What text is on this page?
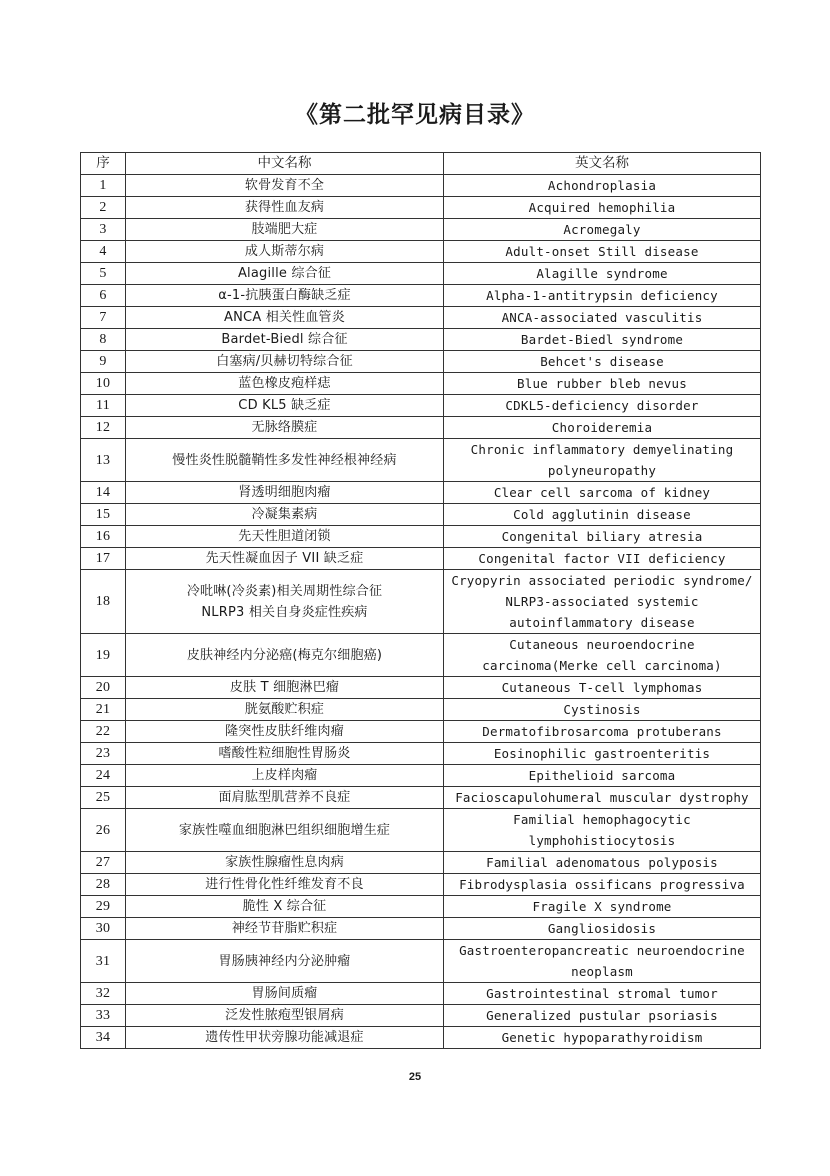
《第二批罕见病目录》
序	中文名称	英文名称
1	软骨发育不全	Achondroplasia
2	获得性血友病	Acquired hemophilia
3	肢端肥大症	Acromegaly
4	成人斯蒂尔病	Adult-onset Still disease
5	Alagille 综合征	Alagille syndrome
6	α-1-抗胰蛋白酶缺乏症	Alpha-1-antitrypsin deficiency
7	ANCA 相关性血管炎	ANCA-associated vasculitis
8	Bardet-Biedl 综合征	Bardet-Biedl syndrome
9	白塞病/贝赫切特综合征	Behcet's disease
10	蓝色橡皮疱样痣	Blue rubber bleb nevus
11	CD KL5 缺乏症	CDKL5-deficiency disorder
12	无脉络膜症	Choroideremia
13	慢性炎性脱髓鞘性多发性神经根神经病	Chronic inflammatory demyelinating
polyneuropathy
14	肾透明细胞肉瘤	Clear cell sarcoma of kidney
15	冷凝集素病	Cold agglutinin disease
16	先天性胆道闭锁	Congenital biliary atresia
17	先天性凝血因子 VII 缺乏症	Congenital factor VII deficiency
18	冷吡啉(冷炎素)相关周期性综合征
NLRP3 相关自身炎症性疾病	Cryopyrin associated periodic syndrome/
NLRP3-associated systemic
autoinflammatory disease
19	皮肤神经内分泌癌(梅克尔细胞癌)	Cutaneous neuroendocrine
carcinoma(Merke cell carcinoma)
20	皮肤 T 细胞淋巴瘤	Cutaneous T-cell lymphomas
21	胱氨酸贮积症	Cystinosis
22	隆突性皮肤纤维肉瘤	Dermatofibrosarcoma protuberans
23	嗜酸性粒细胞性胃肠炎	Eosinophilic gastroenteritis
24	上皮样肉瘤	Epithelioid sarcoma
25	面肩肱型肌营养不良症	Facioscapulohumeral muscular dystrophy
26	家族性噬血细胞淋巴组织细胞增生症	Familial hemophagocytic
lymphohistiocytosis
27	家族性腺瘤性息肉病	Familial adenomatous polyposis
28	进行性骨化性纤维发育不良	Fibrodysplasia ossificans progressiva
29	脆性 X 综合征	Fragile X syndrome
30	神经节苷脂贮积症	Gangliosidosis
31	胃肠胰神经内分泌肿瘤	Gastroenteropancreatic neuroendocrine
neoplasm
32	胃肠间质瘤	Gastrointestinal stromal tumor
33	泛发性脓疱型银屑病	Generalized pustular psoriasis
34	遗传性甲状旁腺功能减退症	Genetic hypoparathyroidism
25
